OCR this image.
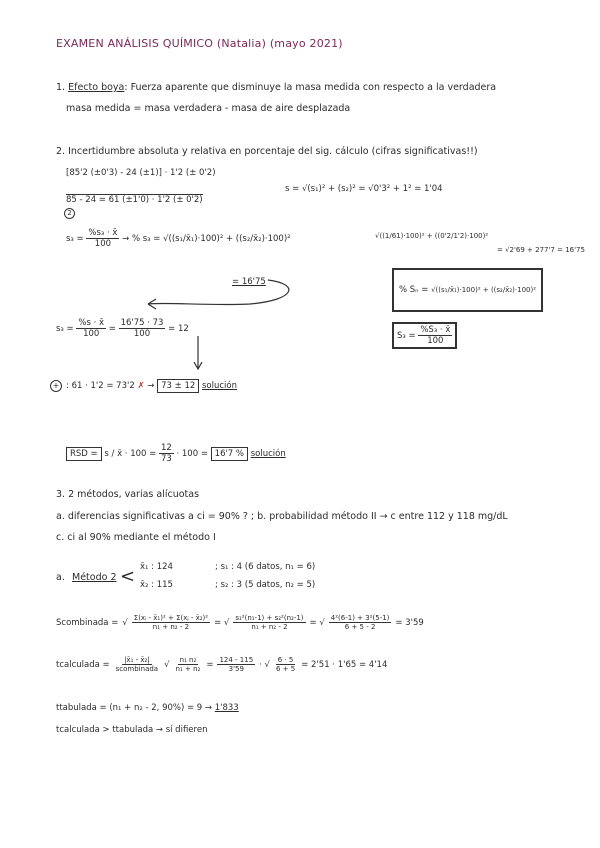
EXAMEN ANÁLISIS QUÍMICO (Natalia) (mayo 2021)
1. Efecto boya: Fuerza aparente que disminuye la masa medida con respecto a la verdadera
masa medida = masa verdadera - masa de aire desplazada
2. Incertidumbre absoluta y relativa en porcentaje del sig. cálculo (cifras significativas!!)
[85'2 (±0'3) - 24 (±1)] · 1'2 (± 0'2)
85 - 24 = 61 (±1'0) · 1'2 (± 0'2)
2
s = √(s₁)² + (s₂)² = √0'3² + 1² = 1'04
$s_3 = \frac{\text{\%s₃ · x̄}}{100}$ → % s₃ = √((s₁/x̄₁)·100)² + ((s₂/x̄₂)·100)²	√((1/61)·100)² + ((0'2/1'2)·100)²
= √2'69 + 277'7 = 16'75
= 16'75
% Sₙ = √((s₁/x̄₁)·100)² + ((s₂/x̄₂)·100)²
$S_3 = \frac{\text{\%S₃ · x̄}}{100}$
$s_3 = \frac{\%s \cdot x̄}{100} = \frac{16'75 \cdot 73}{100} = 12$
+ : 61 · 1'2 = 73'2 ✗ → 73 ± 12 solución
RSD = s / x̄ · $100 = \frac{12}{73} \cdot 100 = 16'7$ % solución
3. 2 métodos, varias alícuotas
a. diferencias significativas a ci = 90% ? ; b. probabilidad método II → c entre 112 y 118 mg/dL
c. ci al 90% mediante el método I
a. Método 2 < x̄₁ : 124
x̄₂ : 115
; s₁ : 4 (6 datos, n₁ = 6)
; s₂ : 3 (5 datos, n₂ = 5)
Scombinada = √ $\frac{\text{Σ(xᵢ - x̄₁)² + Σ(xⱼ - x̄₂)²}}{\text{n₁ + n₂ - 2}}$ = √ $\frac{\text{s₁²(n₁-1) + s₂²(n₂-1)}}{\text{n₁ + n₂ - 2}}$ = √ $\frac{\text{4²(6-1) + 3²(5-1)}}{6 + 5 - 2} = 3'59$
tcalculada = $\frac{\text{|x̄₁ - x̄₂|}}{\text{scombinada}}$ √ $\frac{\text{n₁ n₂}}{\text{n₁ + n₂}} = \frac{124 - 115}{3'59}$ · √ $\frac{6 \cdot 5}{6 + 5} = 2'51 \cdot 1'65 = 4'14$
ttabulada = (n₁ + n₂ - 2, 90%) = 9 → 1'833
tcalculada > ttabulada → sí difieren
